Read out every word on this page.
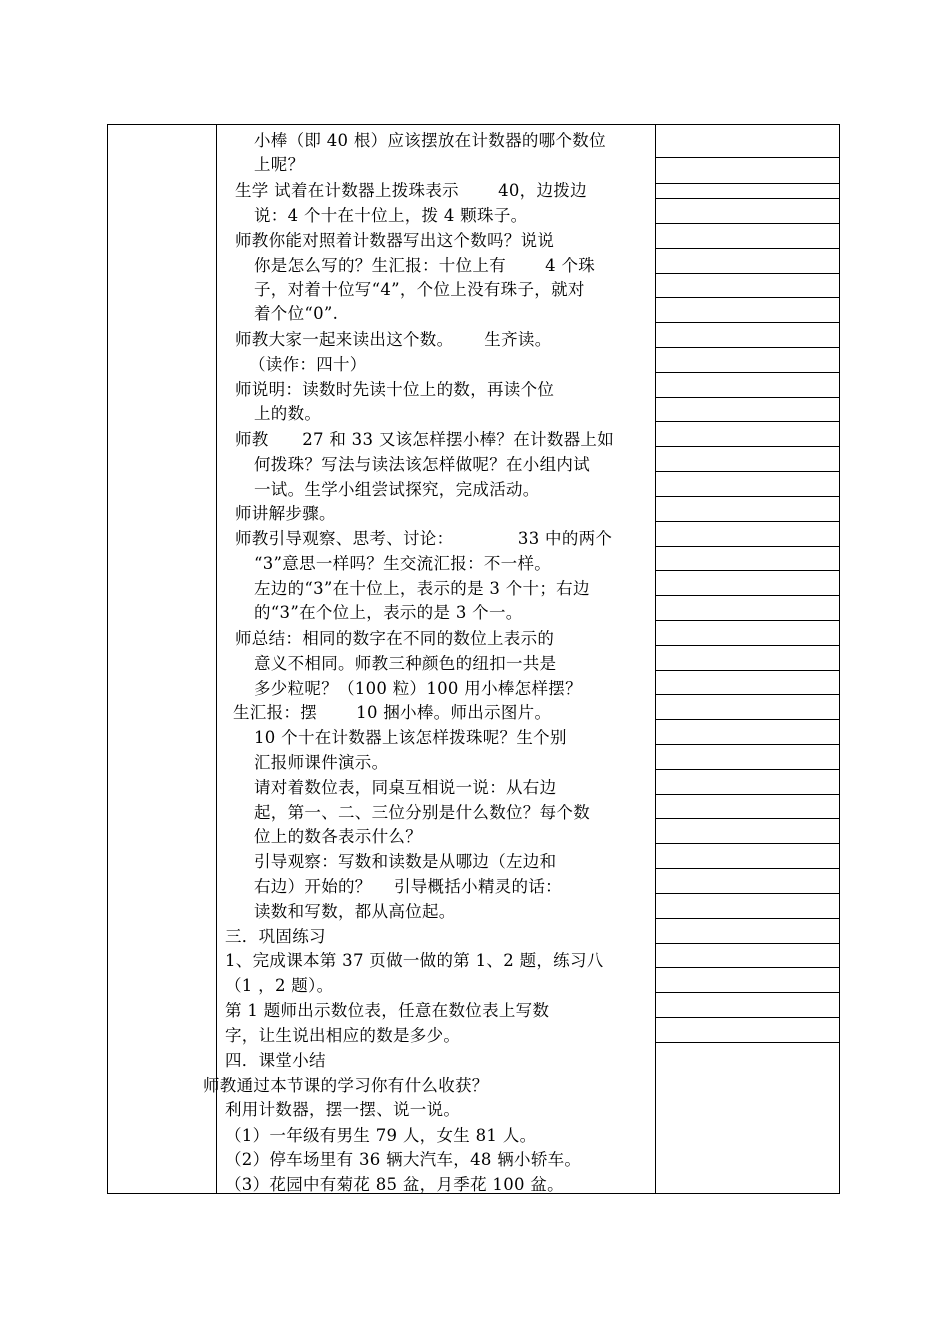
小棒（即 40 根）应该摆放在计数器的哪个数位
上呢？
生学 试着在计数器上拨珠表示　　 40，边拨边
说：4 个十在十位上，拨 4 颗珠子。
师教你能对照着计数器写出这个数吗？说说
你是怎么写的？生汇报：十位上有　　 4 个珠
子，对着十位写“4”，个位上没有珠子，就对
着个位“0”.
师教大家一起来读出这个数。　　 生齐读。
（读作：四十）
师说明：读数时先读十位上的数，再读个位
上的数。
师教　　27 和 33 又该怎样摆小棒？在计数器上如
何拨珠？写法与读法该怎样做呢？在小组内试
一试。生学小组尝试探究，完成活动。
师讲解步骤。
师教引导观察、思考、讨论：　　　　 33 中的两个
“3”意思一样吗？生交流汇报：不一样。
左边的“3”在十位上，表示的是 3 个十；右边
的“3”在个位上，表示的是 3 个一。
师总结：相同的数字在不同的数位上表示的
意义不相同。师教三种颜色的纽扣一共是
多少粒呢？（100 粒）100 用小棒怎样摆？
生汇报：摆　　 10 捆小棒。师出示图片。
10 个十在计数器上该怎样拨珠呢？生个别
汇报师课件演示。
请对着数位表，同桌互相说一说：从右边
起，第一、二、三位分别是什么数位？每个数
位上的数各表示什么？
引导观察：写数和读数是从哪边（左边和
右边）开始的？　 引导概括小精灵的话：
读数和写数，都从高位起。
三．巩固练习
1、完成课本第 37 页做一做的第 1、2 题，练习八
（1 ，2 题）。
第 1 题师出示数位表，任意在数位表上写数
字，让生说出相应的数是多少。
四．课堂小结
师教通过本节课的学习你有什么收获？
利用计数器，摆一摆、说一说。
（1）一年级有男生 79 人，女生 81 人。
（2）停车场里有 36 辆大汽车，48 辆小轿车。
（3）花园中有菊花 85 盆，月季花 100 盆。
